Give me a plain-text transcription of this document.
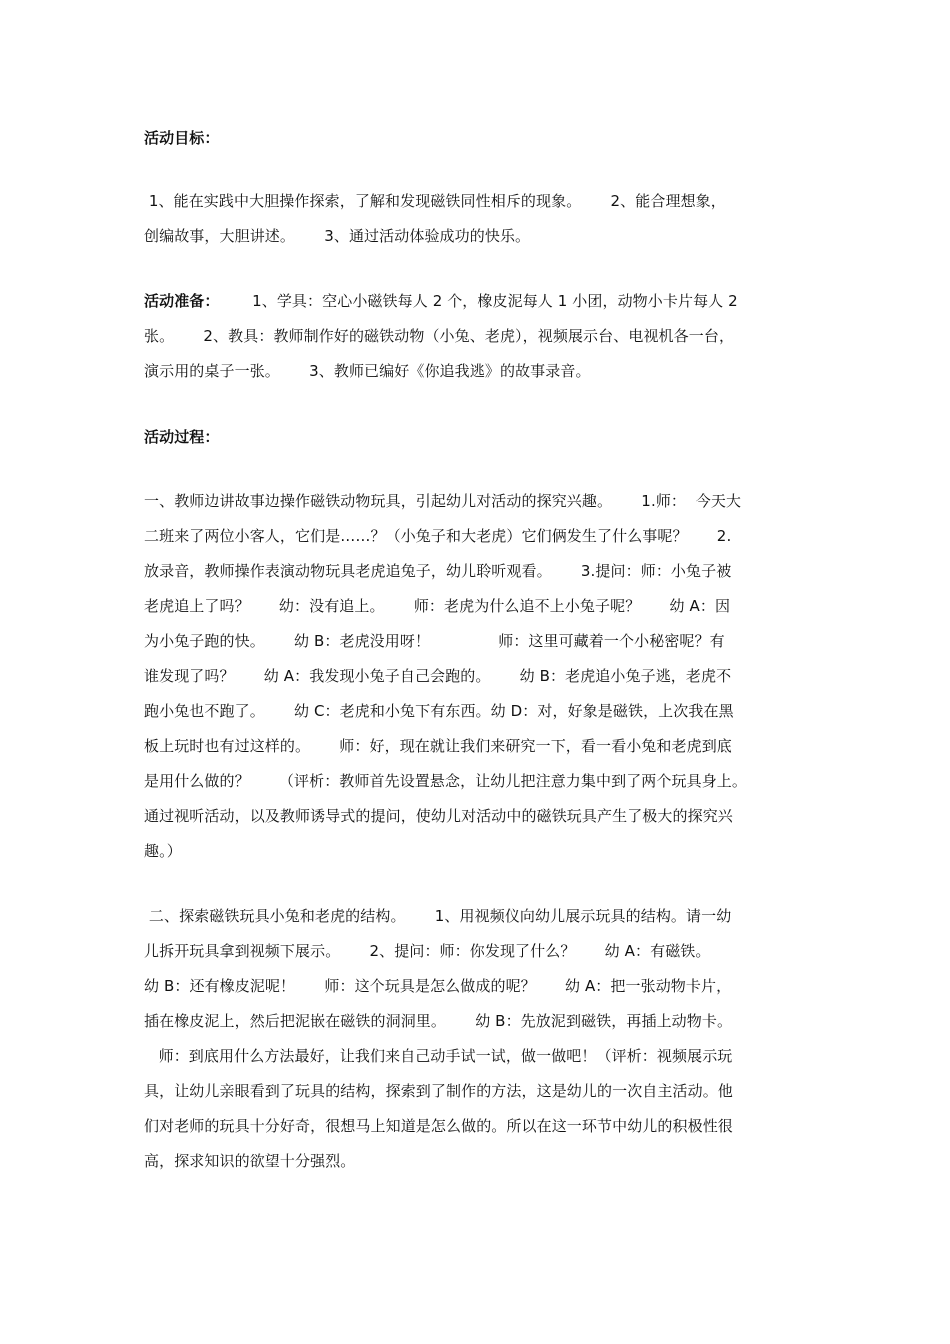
活动目标：
1、能在实践中大胆操作探索，了解和发现磁铁同性相斥的现象。      2、能合理想象，
创编故事，大胆讲述。      3、通过活动体验成功的快乐。
活动准备：
1、学具：空心小磁铁每人 2 个，橡皮泥每人 1 小团，动物小卡片每人 2
张。      2、教具：教师制作好的磁铁动物（小兔、老虎），视频展示台、电视机各一台，
演示用的桌子一张。      3、教师已编好《你追我逃》的故事录音。
活动过程：
一、教师边讲故事边操作磁铁动物玩具，引起幼儿对活动的探究兴趣。      1.师：  今天大
二班来了两位小客人，它们是……？（小兔子和大老虎）它们俩发生了什么事呢？      2.
放录音，教师操作表演动物玩具老虎追兔子，幼儿聆听观看。      3.提问：师：小兔子被
老虎追上了吗？      幼：没有追上。      师：老虎为什么追不上小兔子呢？      幼 A：因
为小兔子跑的快。      幼 B：老虎没用呀！              师：这里可藏着一个小秘密呢？有
谁发现了吗？      幼 A：我发现小兔子自己会跑的。      幼 B：老虎追小兔子逃，老虎不
跑小兔也不跑了。      幼 C：老虎和小兔下有东西。幼 D：对，好象是磁铁，上次我在黑
板上玩时也有过这样的。      师：好，现在就让我们来研究一下，看一看小兔和老虎到底
是用什么做的？      （评析：教师首先设置悬念，让幼儿把注意力集中到了两个玩具身上。
通过视听活动，以及教师诱导式的提问，使幼儿对活动中的磁铁玩具产生了极大的探究兴
趣。）
二、探索磁铁玩具小兔和老虎的结构。      1、用视频仪向幼儿展示玩具的结构。请一幼
儿拆开玩具拿到视频下展示。      2、提问：师：你发现了什么？      幼 A：有磁铁。
幼 B：还有橡皮泥呢！      师：这个玩具是怎么做成的呢？      幼 A：把一张动物卡片，
插在橡皮泥上，然后把泥嵌在磁铁的洞洞里。      幼 B：先放泥到磁铁，再插上动物卡。
师：到底用什么方法最好，让我们来自己动手试一试，做一做吧！（评析：视频展示玩
具，让幼儿亲眼看到了玩具的结构，探索到了制作的方法，这是幼儿的一次自主活动。他
们对老师的玩具十分好奇，很想马上知道是怎么做的。所以在这一环节中幼儿的积极性很
高，探求知识的欲望十分强烈。
